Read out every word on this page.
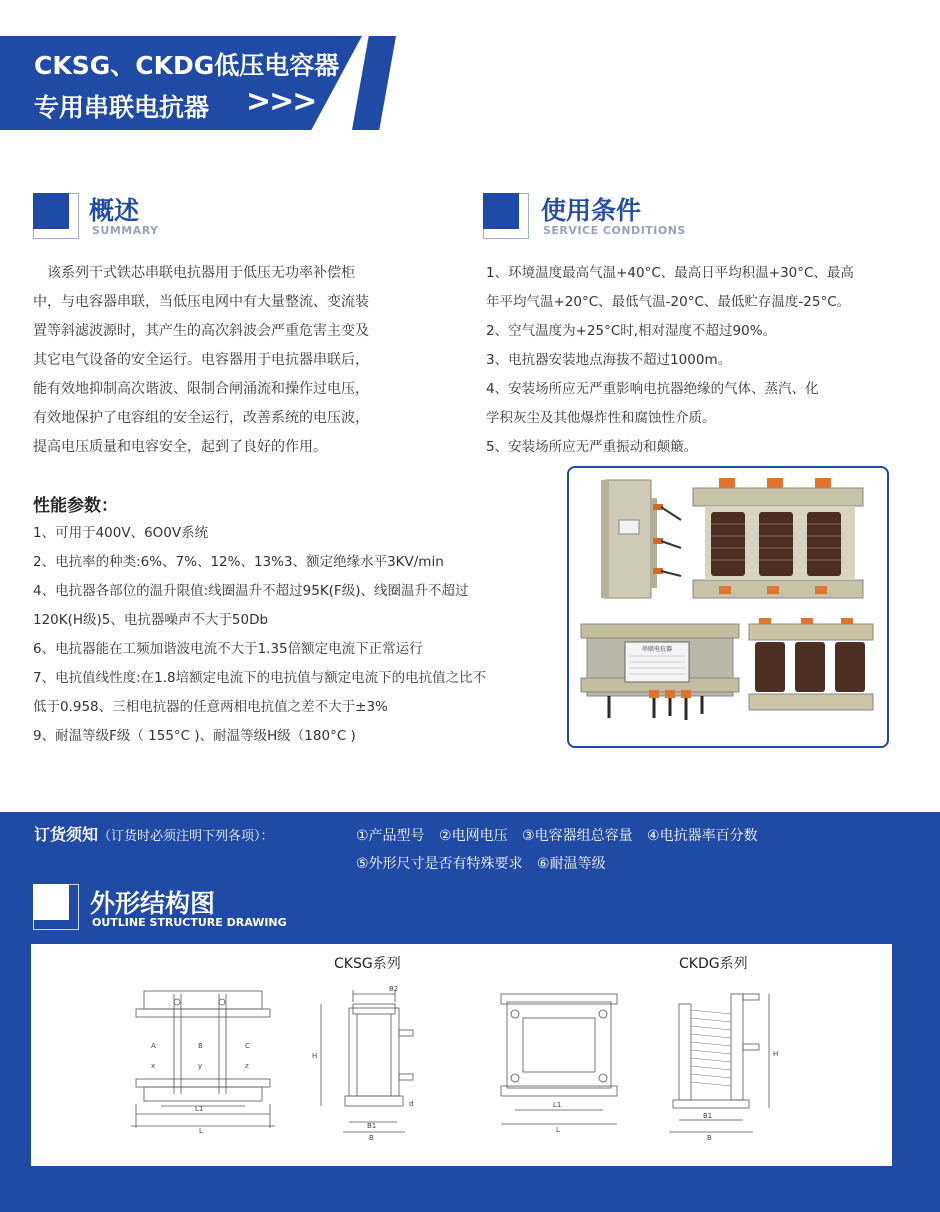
CKSG、CKDG低压电容器
专用串联电抗器 >>>
概述
SUMMARY
　该系列干式铁芯串联电抗器用于低压无功率补偿柜
中，与电容器串联，当低压电网中有大量整流、变流装
置等斜滤波源时，其产生的高次斜波会严重危害主变及
其它电气设备的安全运行。电容器用于电抗器串联后，
能有效地抑制高次谐波、限制合闸涌流和操作过电压，
有效地保护了电容组的安全运行，改善系统的电压波，
提高电压质量和电容安全，起到了良好的作用。
使用条件
SERVICE CONDITIONS
1、环境温度最高气温+40°C、最高日平均积温+30°C、最高
年平均气温+20°C、最低气温-20°C、最低贮存温度-25°C。
2、空气温度为+25°C时,相对湿度不超过90%。
3、电抗器安装地点海拔不超过1000m。
4、安装场所应无严重影响电抗器绝缘的气体、蒸汽、化
学积灰尘及其他爆炸性和腐蚀性介质。
5、安装场所应无严重振动和颠簸。
性能参数：
1、可用于400V、6O0V系统
2、电抗率的种类:6%、7%、12%、13%3、额定绝缘水平3KV/min
4、电抗器各部位的温升限值:线圈温升不超过95K(F级)、线圈温升不超过
120K(H级)5、电抗器噪声不大于50Db
6、电抗器能在工频加谐波电流不大于1.35倍额定电流下正常运行
7、电抗值线性度:在1.8培额定电流下的电抗值与额定电流下的电抗值之比不
低于0.958、三相电抗器的任意两相电抗值之差不大于±3%
9、耐温等级F级（ 155°C )、耐温等级H级（180°C )
串联电抗器
订货须知（订货时必须注明下列各项）：	①产品型号 ②电网电压 ③电容器组总容量 ④电抗器率百分数
⑤外形尺寸是否有特殊要求 ⑥耐温等级
外形结构图
OUTLINE STRUCTURE DRAWING
CKSG系列	CKDG系列
A	B	C
x	y	z
L1
L
B2
H
d
B1
B
L1
L
H
B1
B
